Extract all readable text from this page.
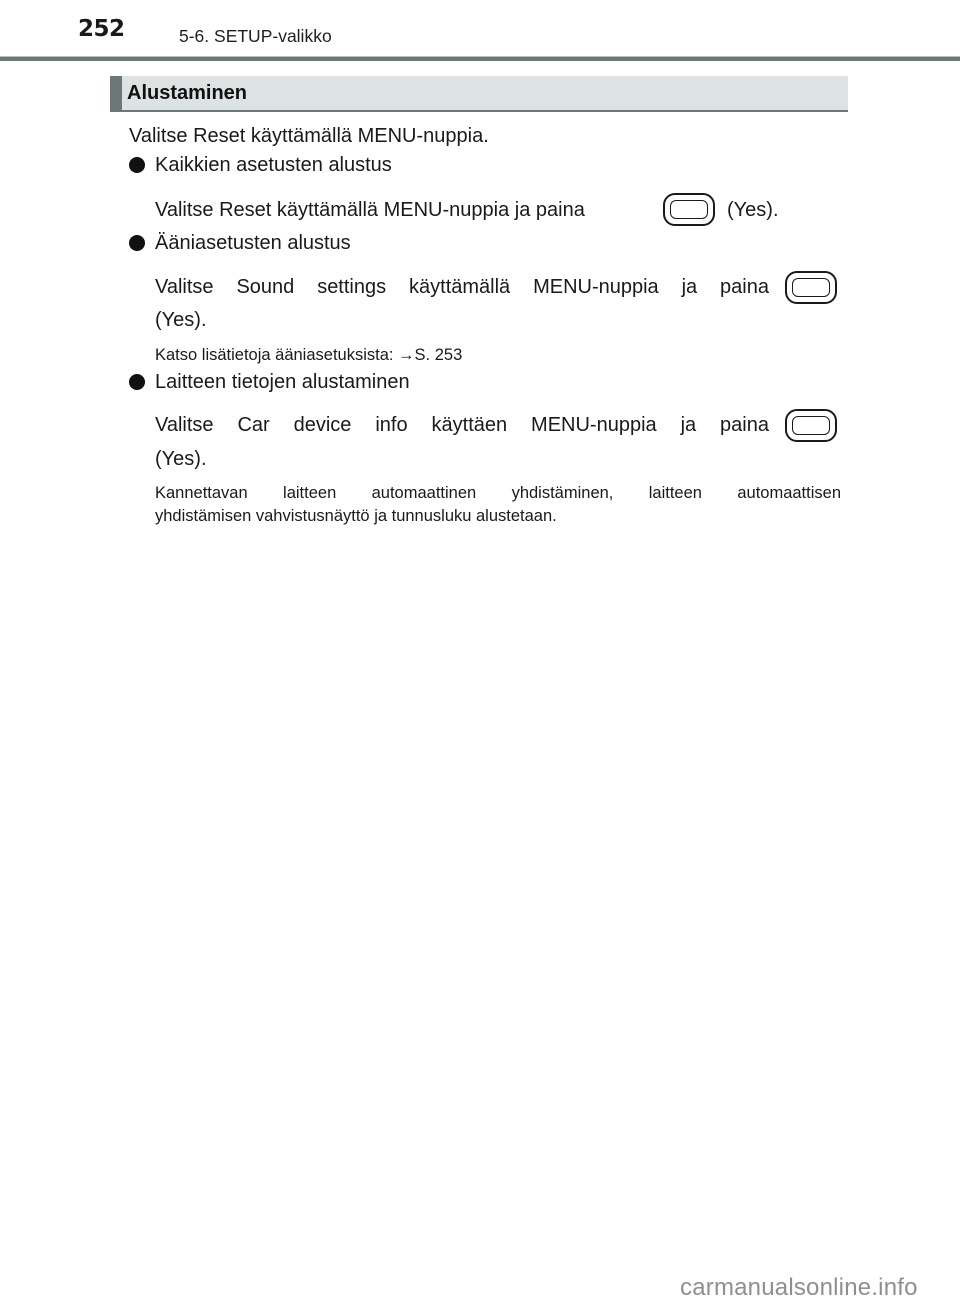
252	5-6. SETUP-valikko
Alustaminen
Valitse Reset käyttämällä MENU-nuppia.
Kaikkien asetusten alustus
Valitse Reset käyttämällä MENU-nuppia ja paina	(Yes).
Ääniasetusten alustus
Valitse Sound settings käyttämällä MENU-nuppia ja paina
(Yes).
Katso lisätietoja ääniasetuksista: →S. 253
Laitteen tietojen alustaminen
Valitse Car device info käyttäen MENU-nuppia ja paina
(Yes).
Kannettavan laitteen automaattinen yhdistäminen, laitteen automaattisen
yhdistämisen vahvistusnäyttö ja tunnusluku alustetaan.
carmanualsonline.info
